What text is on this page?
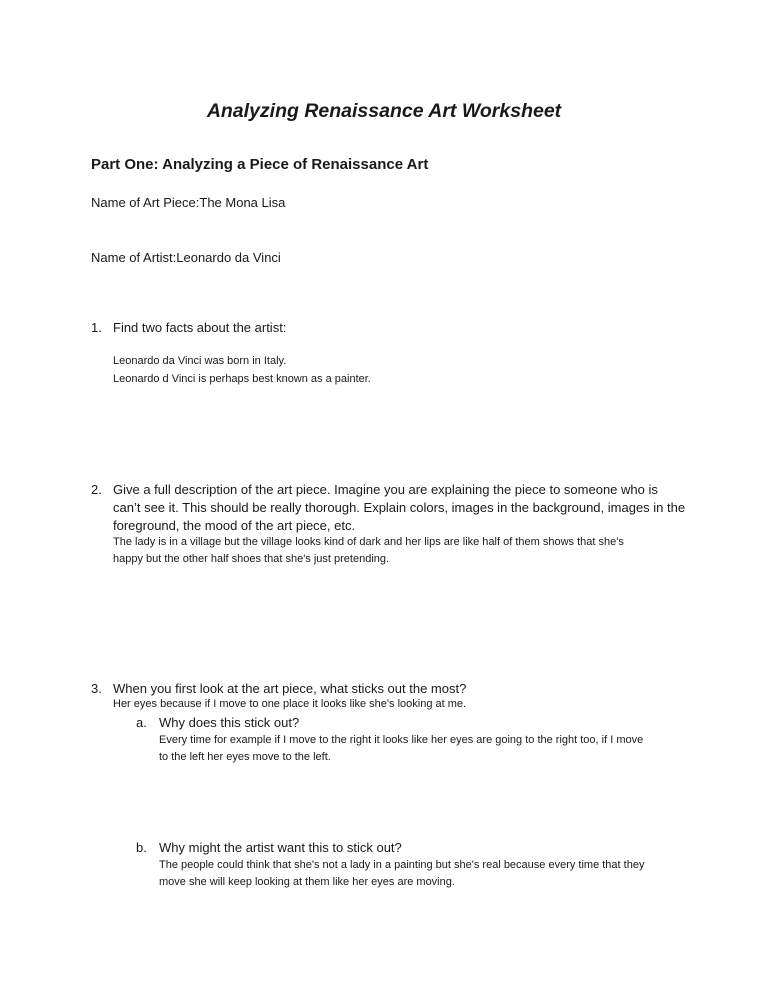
Analyzing Renaissance Art Worksheet
Part One: Analyzing a Piece of Renaissance Art
Name of Art Piece:The Mona Lisa
Name of Artist:Leonardo da Vinci
1. Find two facts about the artist:
Leonardo da Vinci was born in Italy.
Leonardo d Vinci is perhaps best known as a painter.
2. Give a full description of the art piece. Imagine you are explaining the piece to someone who is
can’t see it. This should be really thorough. Explain colors, images in the background, images in the
foreground, the mood of the art piece, etc.
The lady is in a village but the village looks kind of dark and her lips are like half of them shows that she's
happy but the other half shoes that she's just pretending.
3. When you first look at the art piece, what sticks out the most?
Her eyes because if I move to one place it looks like she's looking at me.
a. Why does this stick out?
Every time for example if I move to the right it looks like her eyes are going to the right too, if I move
to the left her eyes move to the left.
b. Why might the artist want this to stick out?
The people could think that she's not a lady in a painting but she's real because every time that they
move she will keep looking at them like her eyes are moving.
